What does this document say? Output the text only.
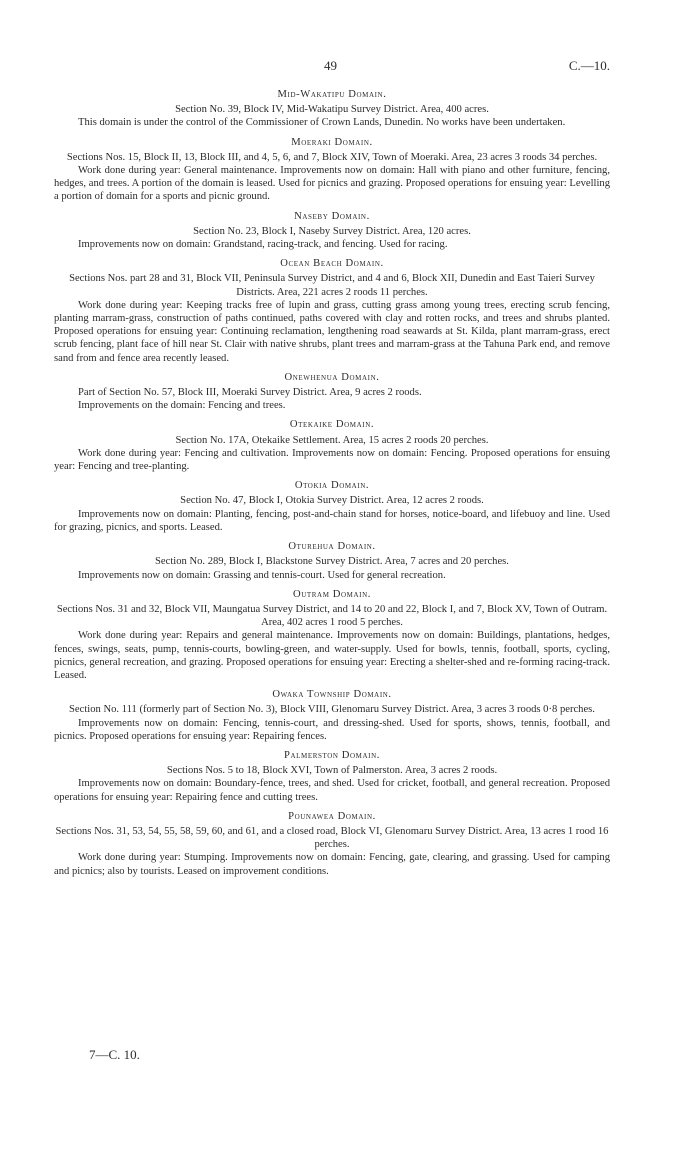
49	C.—10.
Mid-Wakatipu Domain.

Section No. 39, Block IV, Mid-Wakatipu Survey District. Area, 400 acres.

This domain is under the control of the Commissioner of Crown Lands, Dunedin. No works have been undertaken.

Moeraki Domain.

Sections Nos. 15, Block II, 13, Block III, and 4, 5, 6, and 7, Block XIV, Town of Moeraki. Area, 23 acres 3 roods 34 perches.

Work done during year: General maintenance. Improvements now on domain: Hall with piano and other furniture, fencing, hedges, and trees. A portion of the domain is leased. Used for picnics and grazing. Proposed operations for ensuing year: Levelling a portion of domain for a sports and picnic ground.

Naseby Domain.

Section No. 23, Block I, Naseby Survey District. Area, 120 acres.

Improvements now on domain: Grandstand, racing-track, and fencing. Used for racing.

Ocean Beach Domain.

Sections Nos. part 28 and 31, Block VII, Peninsula Survey District, and 4 and 6, Block XII, Dunedin and East Taieri Survey Districts. Area, 221 acres 2 roods 11 perches.

Work done during year: Keeping tracks free of lupin and grass, cutting grass among young trees, erecting scrub fencing, planting marram-grass, construction of paths continued, paths covered with clay and rotten rocks, and trees and shrubs planted. Proposed operations for ensuing year: Continuing reclamation, lengthening road seawards at St. Kilda, plant marram-grass, erect scrub fencing, plant face of hill near St. Clair with native shrubs, plant trees and marram-grass at the Tahuna Park end, and remove sand from and fence area recently leased.

Onewhenua Domain.

Part of Section No. 57, Block III, Moeraki Survey District. Area, 9 acres 2 roods.

Improvements on the domain: Fencing and trees.

Otekaike Domain.

Section No. 17A, Otekaike Settlement. Area, 15 acres 2 roods 20 perches.

Work done during year: Fencing and cultivation. Improvements now on domain: Fencing. Proposed operations for ensuing year: Fencing and tree-planting.

Otokia Domain.

Section No. 47, Block I, Otokia Survey District. Area, 12 acres 2 roods.

Improvements now on domain: Planting, fencing, post-and-chain stand for horses, notice-board, and lifebuoy and line. Used for grazing, picnics, and sports. Leased.

Oturehua Domain.

Section No. 289, Block I, Blackstone Survey District. Area, 7 acres and 20 perches.

Improvements now on domain: Grassing and tennis-court. Used for general recreation.

Outram Domain.

Sections Nos. 31 and 32, Block VII, Maungatua Survey District, and 14 to 20 and 22, Block I, and 7, Block XV, Town of Outram. Area, 402 acres 1 rood 5 perches.

Work done during year: Repairs and general maintenance. Improvements now on domain: Buildings, plantations, hedges, fences, swings, seats, pump, tennis-courts, bowling-green, and water-supply. Used for bowls, tennis, football, sports, cycling, picnics, general recreation, and grazing. Proposed operations for ensuing year: Erecting a shelter-shed and re-forming racing-track. Leased.

Owaka Township Domain.

Section No. 111 (formerly part of Section No. 3), Block VIII, Glenomaru Survey District. Area, 3 acres 3 roods 0·8 perches.

Improvements now on domain: Fencing, tennis-court, and dressing-shed. Used for sports, shows, tennis, football, and picnics. Proposed operations for ensuing year: Repairing fences.

Palmerston Domain.

Sections Nos. 5 to 18, Block XVI, Town of Palmerston. Area, 3 acres 2 roods.

Improvements now on domain: Boundary-fence, trees, and shed. Used for cricket, football, and general recreation. Proposed operations for ensuing year: Repairing fence and cutting trees.

Pounawea Domain.

Sections Nos. 31, 53, 54, 55, 58, 59, 60, and 61, and a closed road, Block VI, Glenomaru Survey District. Area, 13 acres 1 rood 16 perches.

Work done during year: Stumping. Improvements now on domain: Fencing, gate, clearing, and grassing. Used for camping and picnics; also by tourists. Leased on improvement conditions.

7—C. 10.
